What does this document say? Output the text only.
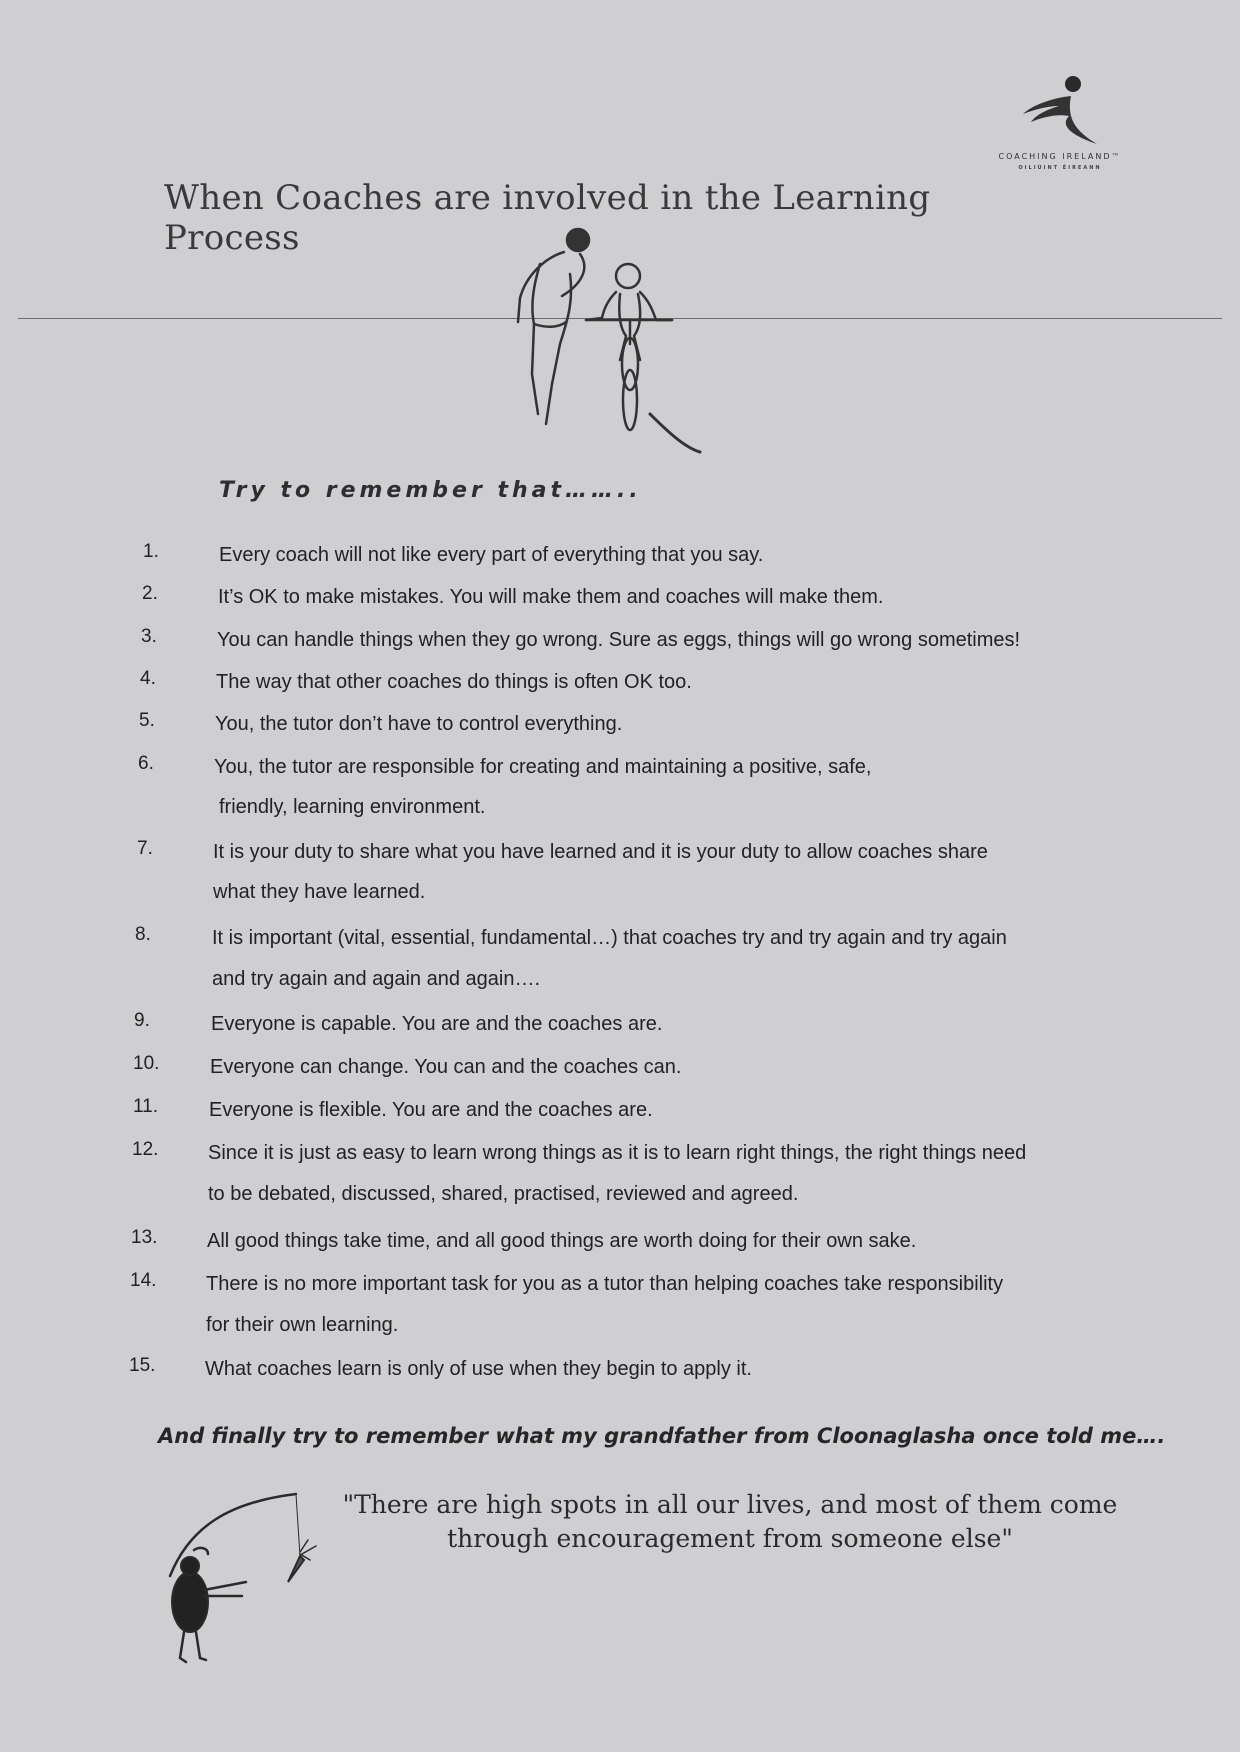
COACHING IRELAND™
OILIÚINT ÉIREANN
When Coaches are involved in the Learning Process
Try to remember that……..
1.	Every coach will not like every part of everything that you say.
2.	It’s OK to make mistakes. You will make them and coaches will make them.
3.	You can handle things when they go wrong. Sure as eggs, things will go wrong sometimes!
4.	The way that other coaches do things is often OK too.
5.	You, the tutor don’t have to control everything.
6.	You, the tutor are responsible for creating and maintaining a positive, safe,
friendly, learning environment.
7.	It is your duty to share what you have learned and it is your duty to allow coaches share
what they have learned.
8.	It is important (vital, essential, fundamental…) that coaches try and try again and try again
and try again and again and again….
9.	Everyone is capable. You are and the coaches are.
10.	Everyone can change. You can and the coaches can.
11.	Everyone is flexible. You are and the coaches are.
12. Since it is just as easy to learn wrong things as it is to learn right things, the right things need
to be debated, discussed, shared, practised, reviewed and agreed.
13. All good things take time, and all good things are worth doing for their own sake.
14. There is no more important task for you as a tutor than helping coaches take responsibility
for their own learning.
15. What coaches learn is only of use when they begin to apply it.
And finally try to remember what my grandfather from Cloonaglasha once told me….
"There are high spots in all our lives, and most of them come
through encouragement from someone else"
